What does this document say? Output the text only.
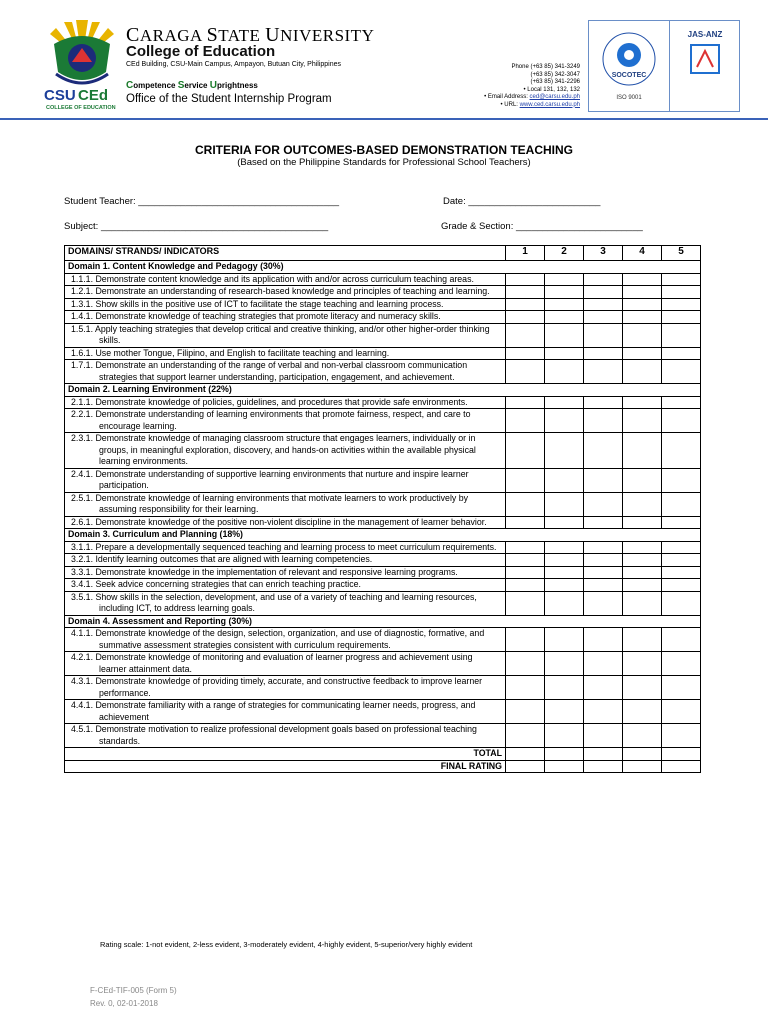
CSU CEd
COLLEGE OF EDUCATION
CARAGA STATE UNIVERSITY
College of Education
CEd Building, CSU-Main Campus, Ampayon, Butuan City, Philippines
Competence Service Uprightness
Office of the Student Internship Program
Phone (+63 85) 341-3249
(+63 85) 342-3047
(+63 85) 341-2296
• Local 131, 132, 132
• Email Address: ced@carsu.edu.ph
• URL: www.ced.carsu.edu.ph
SOCOTEC
ISO 9001
JAS-ANZ
CRITERIA FOR OUTCOMES-BASED DEMONSTRATION TEACHING
(Based on the Philippine Standards for Professional School Teachers)
Student Teacher: ______________________________________	Date: _________________________
Subject: ___________________________________________	Grade & Section: ________________________
DOMAINS/ STRANDS/ INDICATORS	1	2	3	4	5
Domain 1. Content Knowledge and Pedagogy (30%)					

1.1.1. Demonstrate content knowledge and its application with and/or across curriculum teaching areas.					

1.2.1. Demonstrate an understanding of research-based knowledge and principles of teaching and learning.					

1.3.1. Show skills in the positive use of ICT to facilitate the stage teaching and learning process.					

1.4.1. Demonstrate knowledge of teaching strategies that promote literacy and numeracy skills.					

1.5.1. Apply teaching strategies that develop critical and creative thinking, and/or other higher-order thinking skills.					

1.6.1. Use mother Tongue, Filipino, and English to facilitate teaching and learning.					

1.7.1. Demonstrate an understanding of the range of verbal and non-verbal classroom communication strategies that support learner understanding, participation, engagement, and achievement.					

Domain 2. Learning Environment (22%)					

2.1.1. Demonstrate knowledge of policies, guidelines, and procedures that provide safe environments.					

2.2.1. Demonstrate understanding of learning environments that promote fairness, respect, and care to encourage learning.					

2.3.1. Demonstrate knowledge of managing classroom structure that engages learners, individually or in groups, in meaningful exploration, discovery, and hands-on activities within the available physical learning environments.					

2.4.1. Demonstrate understanding of supportive learning environments that nurture and inspire learner participation.					

2.5.1. Demonstrate knowledge of learning environments that motivate learners to work productively by assuming responsibility for their learning.					

2.6.1. Demonstrate knowledge of the positive non-violent discipline in the management of learner behavior.					

Domain 3. Curriculum and Planning (18%)					

3.1.1. Prepare a developmentally sequenced teaching and learning process to meet curriculum requirements.					

3.2.1. Identify learning outcomes that are aligned with learning competencies.					

3.3.1. Demonstrate knowledge in the implementation of relevant and responsive learning programs.					

3.4.1. Seek advice concerning strategies that can enrich teaching practice.					

3.5.1. Show skills in the selection, development, and use of a variety of teaching and learning resources, including ICT, to address learning goals.					

Domain 4. Assessment and Reporting (30%)					

4.1.1. Demonstrate knowledge of the design, selection, organization, and use of diagnostic, formative, and summative assessment strategies consistent with curriculum requirements.					

4.2.1. Demonstrate knowledge of monitoring and evaluation of learner progress and achievement using learner attainment data.					

4.3.1. Demonstrate knowledge of providing timely, accurate, and constructive feedback to improve learner performance.					

4.4.1. Demonstrate familiarity with a range of strategies for communicating learner needs, progress, and achievement					

4.5.1. Demonstrate motivation to realize professional development goals based on professional teaching standards.					

TOTAL					
FINAL RATING					
Rating scale: 1-not evident, 2-less evident, 3-moderately evident, 4-highly evident, 5-superior/very highly evident
F-CEd-TIF-005 (Form 5)
Rev. 0, 02-01-2018
